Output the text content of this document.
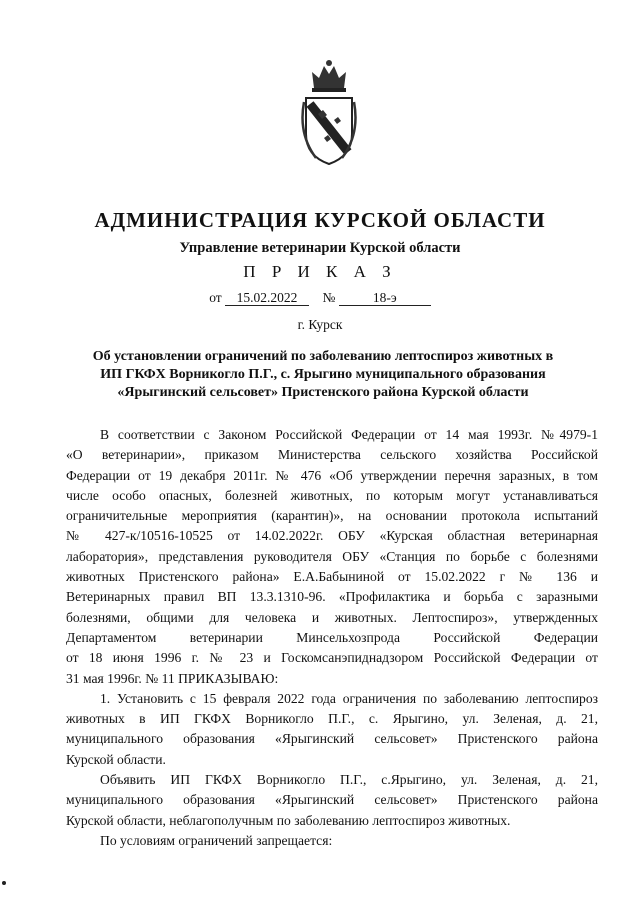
АДМИНИСТРАЦИЯ КУРСКОЙ ОБЛАСТИ
Управление ветеринарии Курской области
П Р И К А З
от 15.02.2022 №	18-э
г. Курск
Об установлении ограничений по заболеванию лептоспироз животных в
ИП ГКФХ Ворникогло П.Г., с. Ярыгино муниципального образования
«Ярыгинский сельсовет» Пристенского района Курской области

В соответствии с Законом Российской Федерации от 14 мая 1993г. №4979-1

«О ветеринарии», приказом Министерства сельского хозяйства Российской

Федерации от 19 декабря 2011г. № 476 «Об утверждении перечня заразных, в том

числе особо опасных, болезней животных, по которым могут устанавливаться

ограничительные мероприятия (карантин)», на основании протокола испытаний

№ 427-к/10516-10525 от 14.02.2022г. ОБУ «Курская областная ветеринарная

лаборатория», представления руководителя ОБУ «Станция по борьбе с болезнями

животных Пристенского района» Е.А.Бабыниной от 15.02.2022 г № 136 и

Ветеринарных правил ВП 13.3.1310-96. «Профилактика и борьба с заразными

болезнями, общими для человека и животных. Лептоспироз», утвержденных

Департаментом ветеринарии Минсельхозпрода Российской Федерации

от 18 июня 1996 г. № 23 и Госкомсанэпиднадзором Российской Федерации от

31 мая 1996г. № 11 ПРИКАЗЫВАЮ:

1. Установить с 15 февраля 2022 года ограничения по заболеванию лептоспироз

животных в ИП ГКФХ Ворникогло П.Г., с. Ярыгино, ул. Зеленая, д. 21,

муниципального образования «Ярыгинский сельсовет» Пристенского района

Курской области.

Объявить ИП ГКФХ Ворникогло П.Г., с.Ярыгино, ул. Зеленая, д. 21,

муниципального образования «Ярыгинский сельсовет» Пристенского района

Курской области, неблагополучным по заболеванию лептоспироз животных.

По условиям ограничений запрещается:
